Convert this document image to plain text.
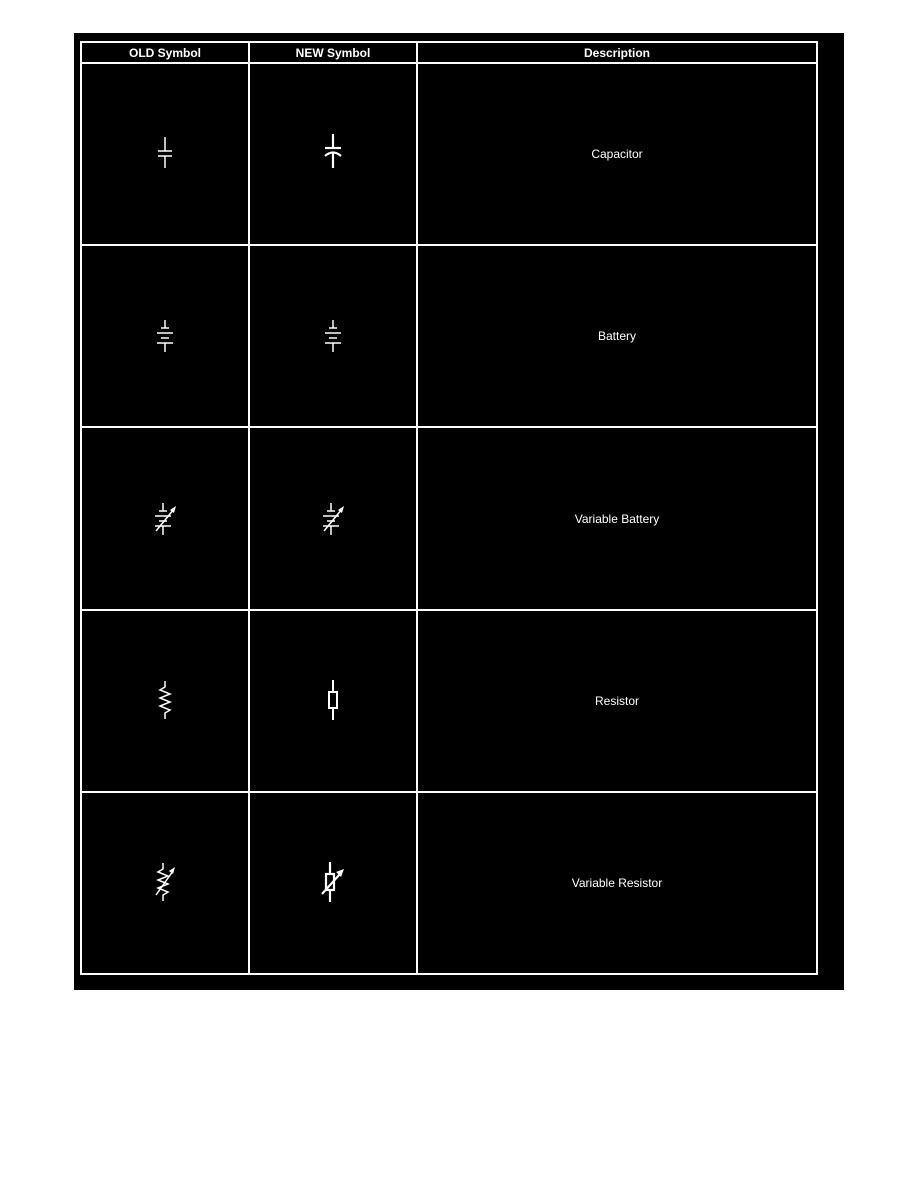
OLD Symbol	NEW Symbol	Description
Capacitor
Battery
Variable Battery
Resistor
Variable Resistor
